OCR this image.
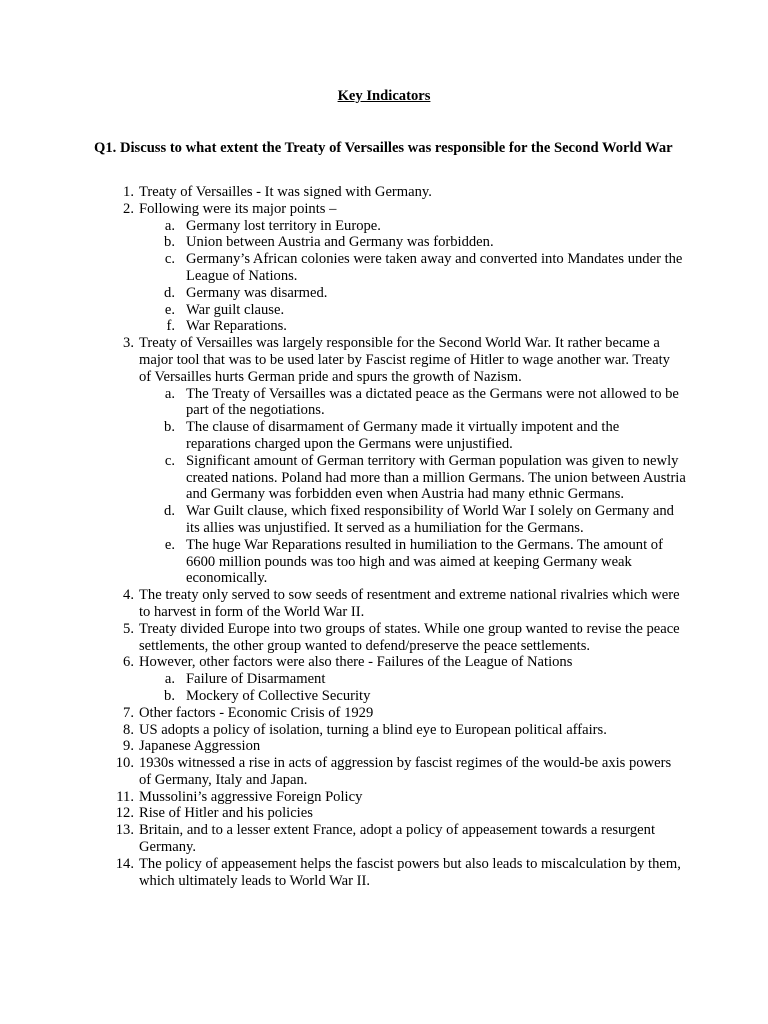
Key Indicators
Q1. Discuss to what extent the Treaty of Versailles was responsible for the Second World War
1. Treaty of Versailles - It was signed with Germany.
2. Following were its major points –
a. Germany lost territory in Europe.
b. Union between Austria and Germany was forbidden.
c. Germany’s African colonies were taken away and converted into Mandates under the League of Nations.
d. Germany was disarmed.
e. War guilt clause.
f. War Reparations.
3. Treaty of Versailles was largely responsible for the Second World War. It rather became a major tool that was to be used later by Fascist regime of Hitler to wage another war. Treaty of Versailles hurts German pride and spurs the growth of Nazism.
a. The Treaty of Versailles was a dictated peace as the Germans were not allowed to be part of the negotiations.
b. The clause of disarmament of Germany made it virtually impotent and the reparations charged upon the Germans were unjustified.
c. Significant amount of German territory with German population was given to newly created nations. Poland had more than a million Germans. The union between Austria and Germany was forbidden even when Austria had many ethnic Germans.
d. War Guilt clause, which fixed responsibility of World War I solely on Germany and its allies was unjustified. It served as a humiliation for the Germans.
e. The huge War Reparations resulted in humiliation to the Germans. The amount of 6600 million pounds was too high and was aimed at keeping Germany weak economically.
4. The treaty only served to sow seeds of resentment and extreme national rivalries which were to harvest in form of the World War II.
5. Treaty divided Europe into two groups of states. While one group wanted to revise the peace settlements, the other group wanted to defend/preserve the peace settlements.
6. However, other factors were also there - Failures of the League of Nations
a. Failure of Disarmament
b. Mockery of Collective Security
7. Other factors - Economic Crisis of 1929
8. US adopts a policy of isolation, turning a blind eye to European political affairs.
9. Japanese Aggression
10. 1930s witnessed a rise in acts of aggression by fascist regimes of the would-be axis powers of Germany, Italy and Japan.
11. Mussolini’s aggressive Foreign Policy
12. Rise of Hitler and his policies
13. Britain, and to a lesser extent France, adopt a policy of appeasement towards a resurgent Germany.
14. The policy of appeasement helps the fascist powers but also leads to miscalculation by them, which ultimately leads to World War II.
